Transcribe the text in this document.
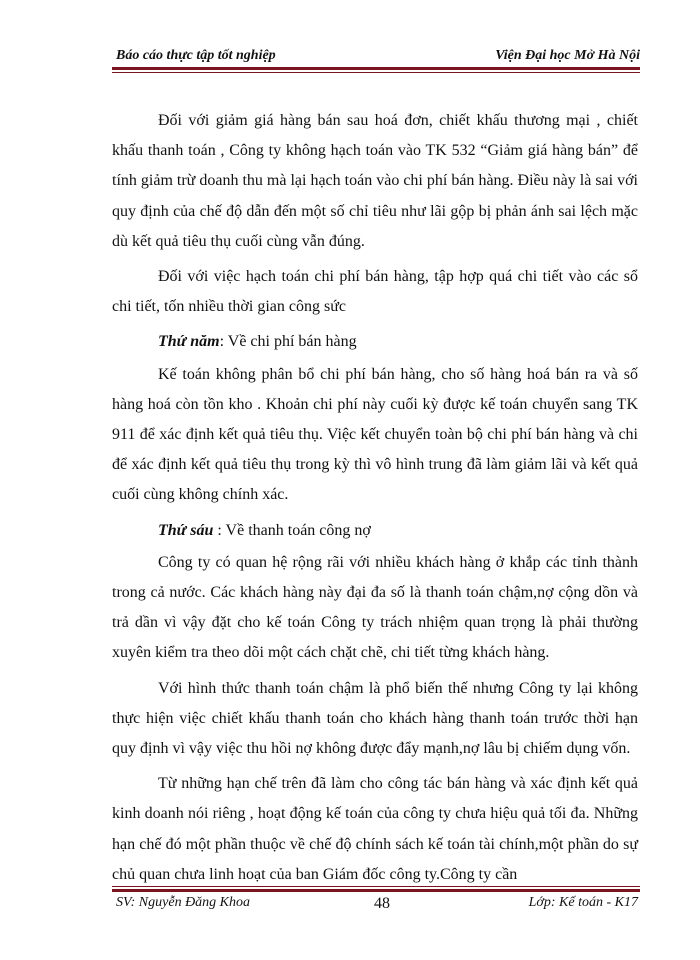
Báo cáo thực tập tốt nghiệp	Viện Đại học Mở Hà Nội

Đối với giảm giá hàng bán sau hoá đơn, chiết khấu thương mại , chiết khấu thanh toán , Công ty không hạch toán vào TK 532 “Giảm giá hàng bán” để tính giảm trừ doanh thu mà lại hạch toán vào chi phí bán hàng. Điều này là sai với quy định của chế độ dẫn đến một số chỉ tiêu như lãi gộp bị phản ánh sai lệch mặc dù kết quả tiêu thụ cuối cùng vẫn đúng.

Đối với việc hạch toán chi phí bán hàng, tập hợp quá chi tiết vào các sổ chi tiết, tốn nhiều thời gian công sức

Thứ năm: Về chi phí bán hàng

Kế toán không phân bổ chi phí bán hàng, cho số hàng hoá bán ra và số hàng hoá còn tồn kho . Khoản chi phí này cuối kỳ được kế toán chuyển sang TK 911 để xác định kết quả tiêu thụ. Việc kết chuyển toàn bộ chi phí bán hàng và chi để xác định kết quả tiêu thụ trong kỳ thì vô hình trung đã làm giảm lãi và kết quả cuối cùng không chính xác.

Thứ sáu : Về thanh toán công nợ

Công ty có quan hệ rộng rãi với nhiều khách hàng ở khắp các tỉnh thành trong cả nước. Các khách hàng này đại đa số là thanh toán chậm,nợ cộng dồn và trả dần vì vậy đặt cho kế toán Công ty trách nhiệm quan trọng là phải thường xuyên kiểm tra theo dõi một cách chặt chẽ, chi tiết từng khách hàng.

Với hình thức thanh toán chậm là phổ biến thế nhưng Công ty lại không thực hiện việc chiết khấu thanh toán cho khách hàng thanh toán trước thời hạn quy định vì vậy việc thu hồi nợ không được đẩy mạnh,nợ lâu bị chiếm dụng vốn.

Từ những hạn chế trên đã làm cho công tác bán hàng và xác định kết quả kinh doanh nói riêng , hoạt động kế toán của công ty chưa hiệu quả tối đa. Những hạn chế đó một phần thuộc về chế độ chính sách kế toán tài chính,một phần do sự chủ quan chưa linh hoạt của ban Giám đốc công ty.Công ty cần

SV: Nguyễn Đăng Khoa	48	Lớp: Kế toán - K17
